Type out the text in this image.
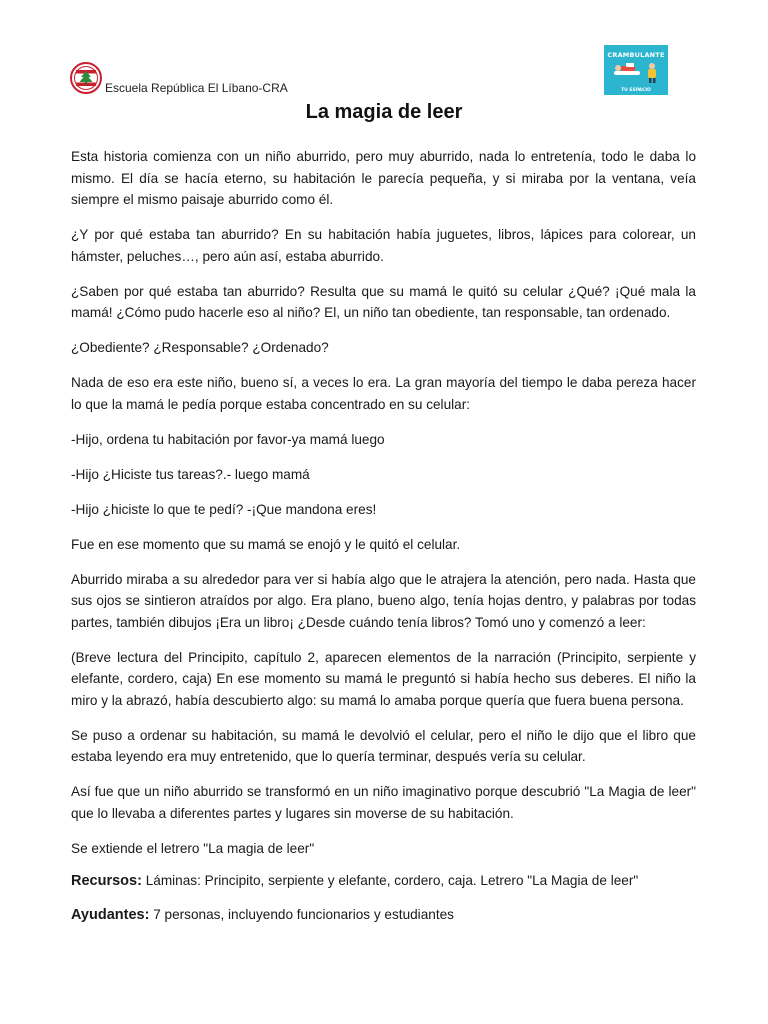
Escuela República El Líbano-CRA
CRAMBULANTE
TU ESPACIO
La magia de leer

Esta historia comienza con un niño aburrido, pero muy aburrido, nada lo entretenía, todo le daba lo mismo. El día se hacía eterno, su habitación le parecía pequeña, y si miraba por la ventana, veía siempre el mismo paisaje aburrido como él.

¿Y por qué estaba tan aburrido? En su habitación había juguetes, libros, lápices para colorear, un hámster, peluches…, pero aún así, estaba aburrido.

¿Saben por qué estaba tan aburrido? Resulta que su mamá le quitó su celular ¿Qué? ¡Qué mala la mamá! ¿Cómo pudo hacerle eso al niño? El, un niño tan obediente, tan responsable, tan ordenado.

¿Obediente? ¿Responsable? ¿Ordenado?

Nada de eso era este niño, bueno sí, a veces lo era. La gran mayoría del tiempo le daba pereza hacer lo que la mamá le pedía porque estaba concentrado en su celular:

-Hijo, ordena tu habitación por favor-ya mamá luego

-Hijo ¿Hiciste tus tareas?.- luego mamá

-Hijo ¿hiciste lo que te pedí? -¡Que mandona eres!

Fue en ese momento que su mamá se enojó y le quitó el celular.

Aburrido miraba a su alrededor para ver si había algo que le atrajera la atención, pero nada. Hasta que sus ojos se sintieron atraídos por algo. Era plano, bueno algo, tenía hojas dentro, y palabras por todas partes, también dibujos ¡Era un libro¡ ¿Desde cuándo tenía libros? Tomó uno y comenzó a leer:

(Breve lectura del Principito, capítulo 2, aparecen elementos de la narración (Principito, serpiente y elefante, cordero, caja) En ese momento su mamá le preguntó si había hecho sus deberes. El niño la miro y la abrazó, había descubierto algo: su mamá lo amaba porque quería que fuera buena persona.

Se puso a ordenar su habitación, su mamá le devolvió el celular, pero el niño le dijo que el libro que estaba leyendo era muy entretenido, que lo quería terminar, después vería su celular.

Así fue que un niño aburrido se transformó en un niño imaginativo porque descubrió "La Magia de leer" que lo llevaba a diferentes partes y lugares sin moverse de su habitación.

Se extiende el letrero "La magia de leer"

Recursos: Láminas: Principito, serpiente y elefante, cordero, caja. Letrero "La Magia de leer"

Ayudantes: 7 personas, incluyendo funcionarios y estudiantes
